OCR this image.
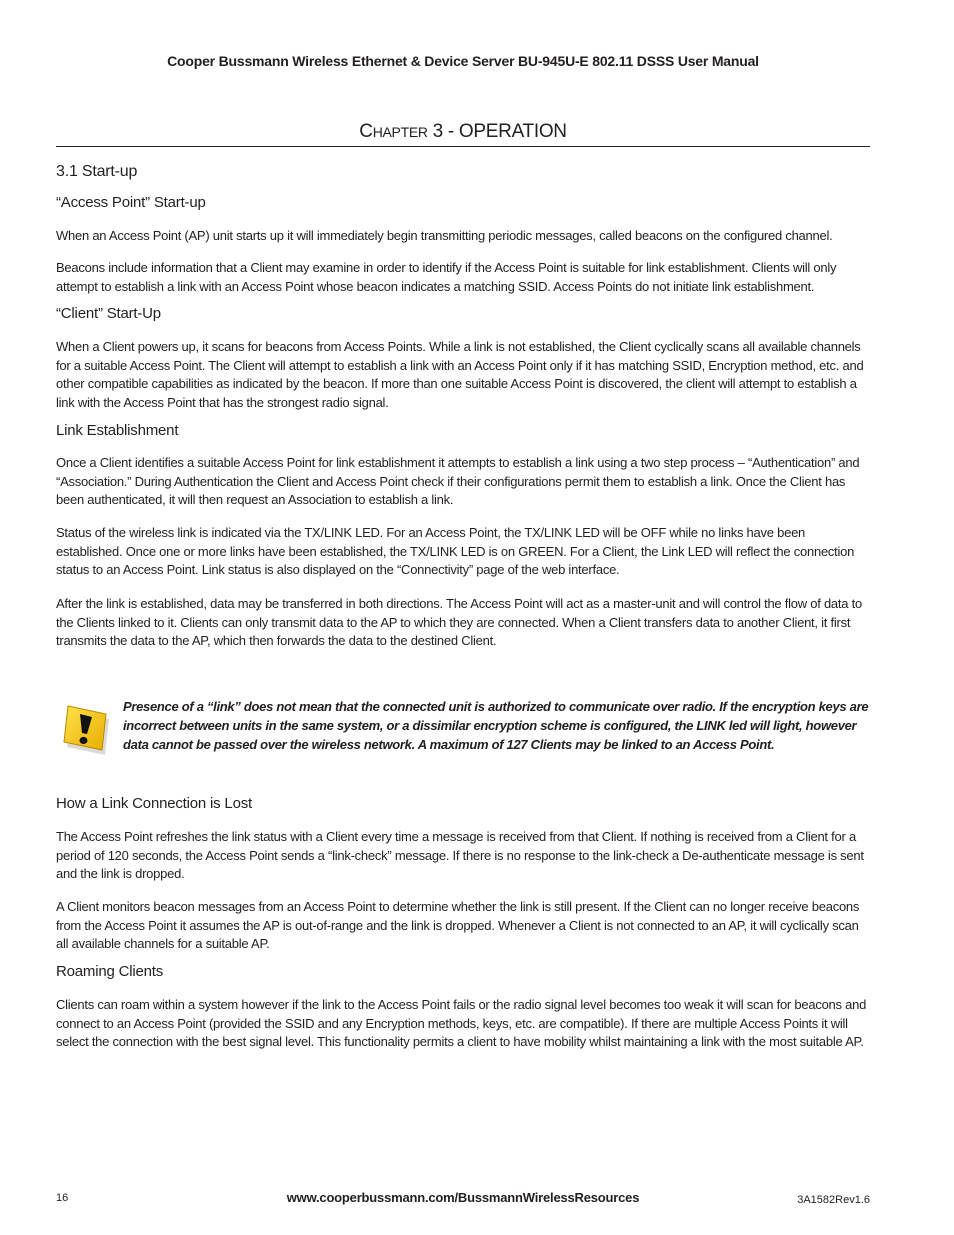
Cooper Bussmann Wireless Ethernet & Device Server BU-945U-E 802.11 DSSS User Manual
CHAPTER 3 - OPERATION
3.1 Start-up
“Access Point” Start-up

When an Access Point (AP) unit starts up it will immediately begin transmitting periodic messages, called beacons on the configured channel.

Beacons include information that a Client may examine in order to identify if the Access Point is suitable for link establishment. Clients will only attempt to establish a link with an Access Point whose beacon indicates a matching SSID. Access Points do not initiate link establishment.

“Client” Start-Up

When a Client powers up, it scans for beacons from Access Points. While a link is not established, the Client cyclically scans all available channels for a suitable Access Point. The Client will attempt to establish a link with an Access Point only if it has matching SSID, Encryption method, etc. and other compatible capabilities as indicated by the beacon. If more than one suitable Access Point is discovered, the client will attempt to establish a link with the Access Point that has the strongest radio signal.

Link Establishment

Once a Client identifies a suitable Access Point for link establishment it attempts to establish a link using a two step process – “Authentication” and “Association.” During Authentication the Client and Access Point check if their configurations permit them to establish a link. Once the Client has been authenticated, it will then request an Association to establish a link.

Status of the wireless link is indicated via the TX/LINK LED. For an Access Point, the TX/LINK LED will be OFF while no links have been established. Once one or more links have been established, the TX/LINK LED is on GREEN. For a Client, the Link LED will reflect the connection status to an Access Point. Link status is also displayed on the “Connectivity” page of the web interface.

After the link is established, data may be transferred in both directions. The Access Point will act as a master-unit and will control the flow of data to the Clients linked to it. Clients can only transmit data to the AP to which they are connected. When a Client transfers data to another Client, it first transmits the data to the AP, which then forwards the data to the destined Client.

Presence of a “link” does not mean that the connected unit is authorized to communicate over radio. If the encryption keys are incorrect between units in the same system, or a dissimilar encryption scheme is configured, the LINK led will light, however data cannot be passed over the wireless network. A maximum of 127 Clients may be linked to an Access Point.

How a Link Connection is Lost

The Access Point refreshes the link status with a Client every time a message is received from that Client. If nothing is received from a Client for a period of 120 seconds, the Access Point sends a “link-check” message. If there is no response to the link-check a De-authenticate message is sent and the link is dropped.

A Client monitors beacon messages from an Access Point to determine whether the link is still present. If the Client can no longer receive beacons from the Access Point it assumes the AP is out-of-range and the link is dropped. Whenever a Client is not connected to an AP, it will cyclically scan all available channels for a suitable AP.

Roaming Clients

Clients can roam within a system however if the link to the Access Point fails or the radio signal level becomes too weak it will scan for beacons and connect to an Access Point (provided the SSID and any Encryption methods, keys, etc. are compatible). If there are multiple Access Points it will select the connection with the best signal level. This functionality permits a client to have mobility whilst maintaining a link with the most suitable AP.

16	www.cooperbussmann.com/BussmannWirelessResources	3A1582Rev1.6
